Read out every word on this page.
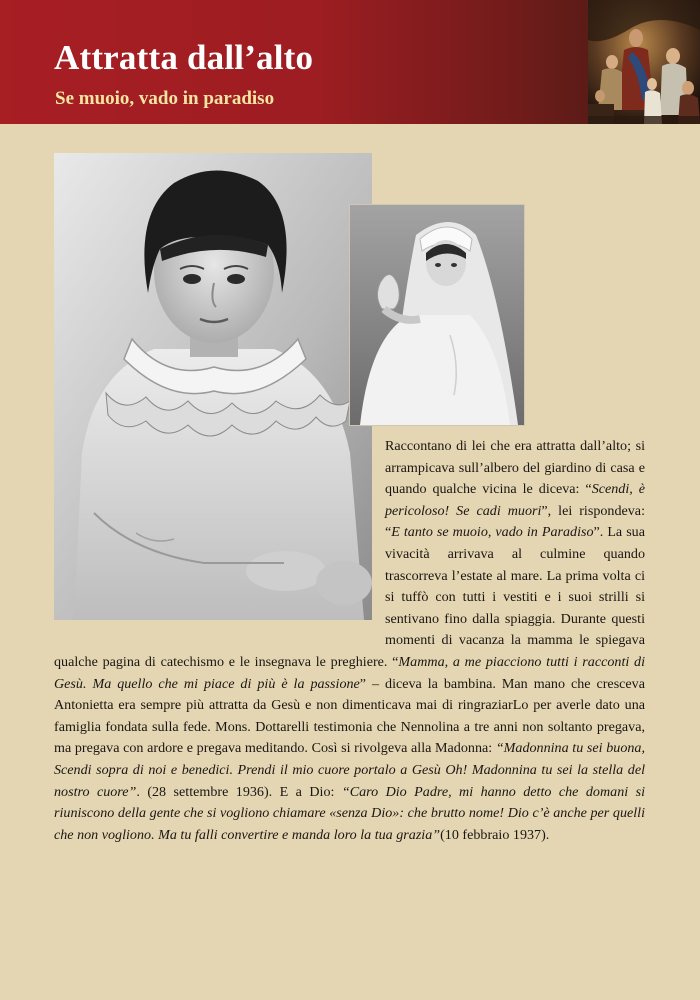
Attratta dall’alto
Se muoio, vado in paradiso
Raccontano di lei che era attratta dall’alto; si arrampicava sull’albero del giardino di casa e quando qualche vicina le diceva: “Scendi, è pericoloso! Se cadi muori”, lei rispondeva: “E tanto se muoio, vado in Paradiso”. La sua vivacità arrivava al culmine quando trascorreva l’estate al mare. La prima volta ci si tuffò con tutti i vestiti e i suoi strilli si sentivano fino dalla spiaggia. Durante questi momenti di vacanza la mamma le spiegava qualche pagina di catechismo e le insegnava le preghiere. “Mamma, a me piacciono tutti i racconti di Gesù. Ma quello che mi piace di più è la passione” – diceva la bambina. Man mano che cresceva Antonietta era sempre più attratta da Gesù e non dimenticava mai di ringraziarLo per averle dato una famiglia fondata sulla fede. Mons. Dottarelli testimonia che Nennolina a tre anni non soltanto pregava, ma pregava con ardore e pregava meditando. Così si rivolgeva alla Madonna: “Madonnina tu sei buona, Scendi sopra di noi e benedici. Prendi il mio cuore portalo a Gesù Oh! Madonnina tu sei la stella del nostro cuore”. (28 settembre 1936). E a Dio: “Caro Dio Padre, mi hanno detto che domani si riuniscono della gente che si vogliono chiamare «senza Dio»: che brutto nome! Dio c’è anche per quelli che non vogliono. Ma tu falli convertire e manda loro la tua grazia”(10 febbraio 1937).
